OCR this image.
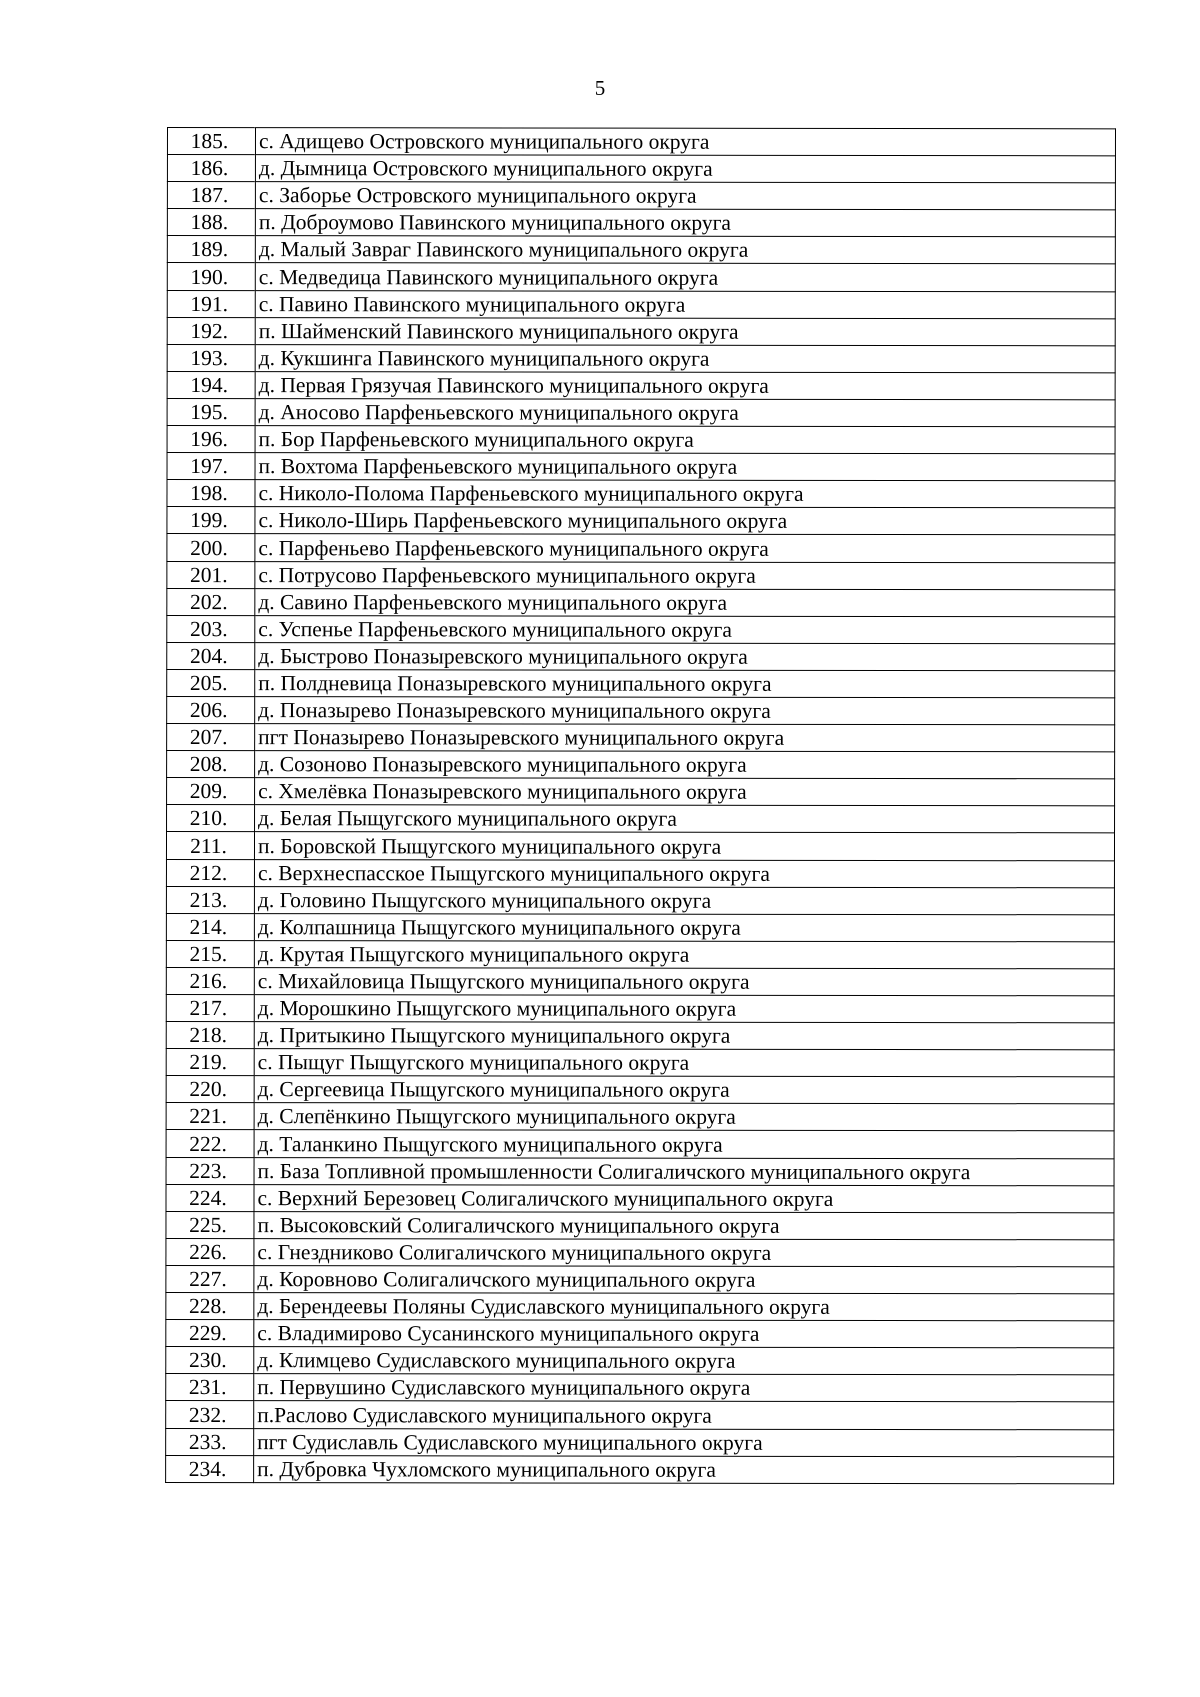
5
185.	с. Адищево Островского муниципального округа
186.	д. Дымница Островского муниципального округа
187.	с. Заборье Островского муниципального округа
188.	п. Доброумово Павинского муниципального округа
189.	д. Малый Завраг Павинского муниципального округа
190.	с. Медведица Павинского муниципального округа
191.	с. Павино Павинского муниципального округа
192.	п. Шайменский Павинского муниципального округа
193.	д. Кукшинга Павинского муниципального округа
194.	д. Первая Грязучая Павинского муниципального округа
195.	д. Аносово Парфеньевского муниципального округа
196.	п. Бор Парфеньевского муниципального округа
197.	п. Вохтома Парфеньевского муниципального округа
198.	с. Николо-Полома Парфеньевского муниципального округа
199.	с. Николо-Ширь Парфеньевского муниципального округа
200.	с. Парфеньево Парфеньевского муниципального округа
201.	с. Потрусово Парфеньевского муниципального округа
202.	д. Савино Парфеньевского муниципального округа
203.	с. Успенье Парфеньевского муниципального округа
204.	д. Быстрово Поназыревского муниципального округа
205.	п. Полдневица Поназыревского муниципального округа
206.	д. Поназырево Поназыревского муниципального округа
207.	пгт Поназырево Поназыревского муниципального округа
208.	д. Созоново Поназыревского муниципального округа
209.	с. Хмелёвка Поназыревского муниципального округа
210.	д. Белая Пыщугского муниципального округа
211.	п. Боровской Пыщугского муниципального округа
212.	с. Верхнеспасское Пыщугского муниципального округа
213.	д. Головино Пыщугского муниципального округа
214.	д. Колпашница Пыщугского муниципального округа
215.	д. Крутая Пыщугского муниципального округа
216.	с. Михайловица Пыщугского муниципального округа
217.	д. Морошкино Пыщугского муниципального округа
218.	д. Притыкино Пыщугского муниципального округа
219.	с. Пыщуг Пыщугского муниципального округа
220.	д. Сергеевица Пыщугского муниципального округа
221.	д. Слепёнкино Пыщугского муниципального округа
222.	д. Таланкино Пыщугского муниципального округа
223.	п. База Топливной промышленности Солигаличского муниципального округа
224.	с. Верхний Березовец Солигаличского муниципального округа
225.	п. Высоковский Солигаличского муниципального округа
226.	с. Гнездниково Солигаличского муниципального округа
227.	д. Коровново Солигаличского муниципального округа
228.	д. Берендеевы Поляны Судиславского муниципального округа
229.	с. Владимирово Сусанинского муниципального округа
230.	д. Климцево Судиславского муниципального округа
231.	п. Первушино Судиславского муниципального округа
232.	п.Раслово Судиславского муниципального округа
233.	пгт Судиславль Судиславского муниципального округа
234.	п. Дубровка Чухломского муниципального округа
